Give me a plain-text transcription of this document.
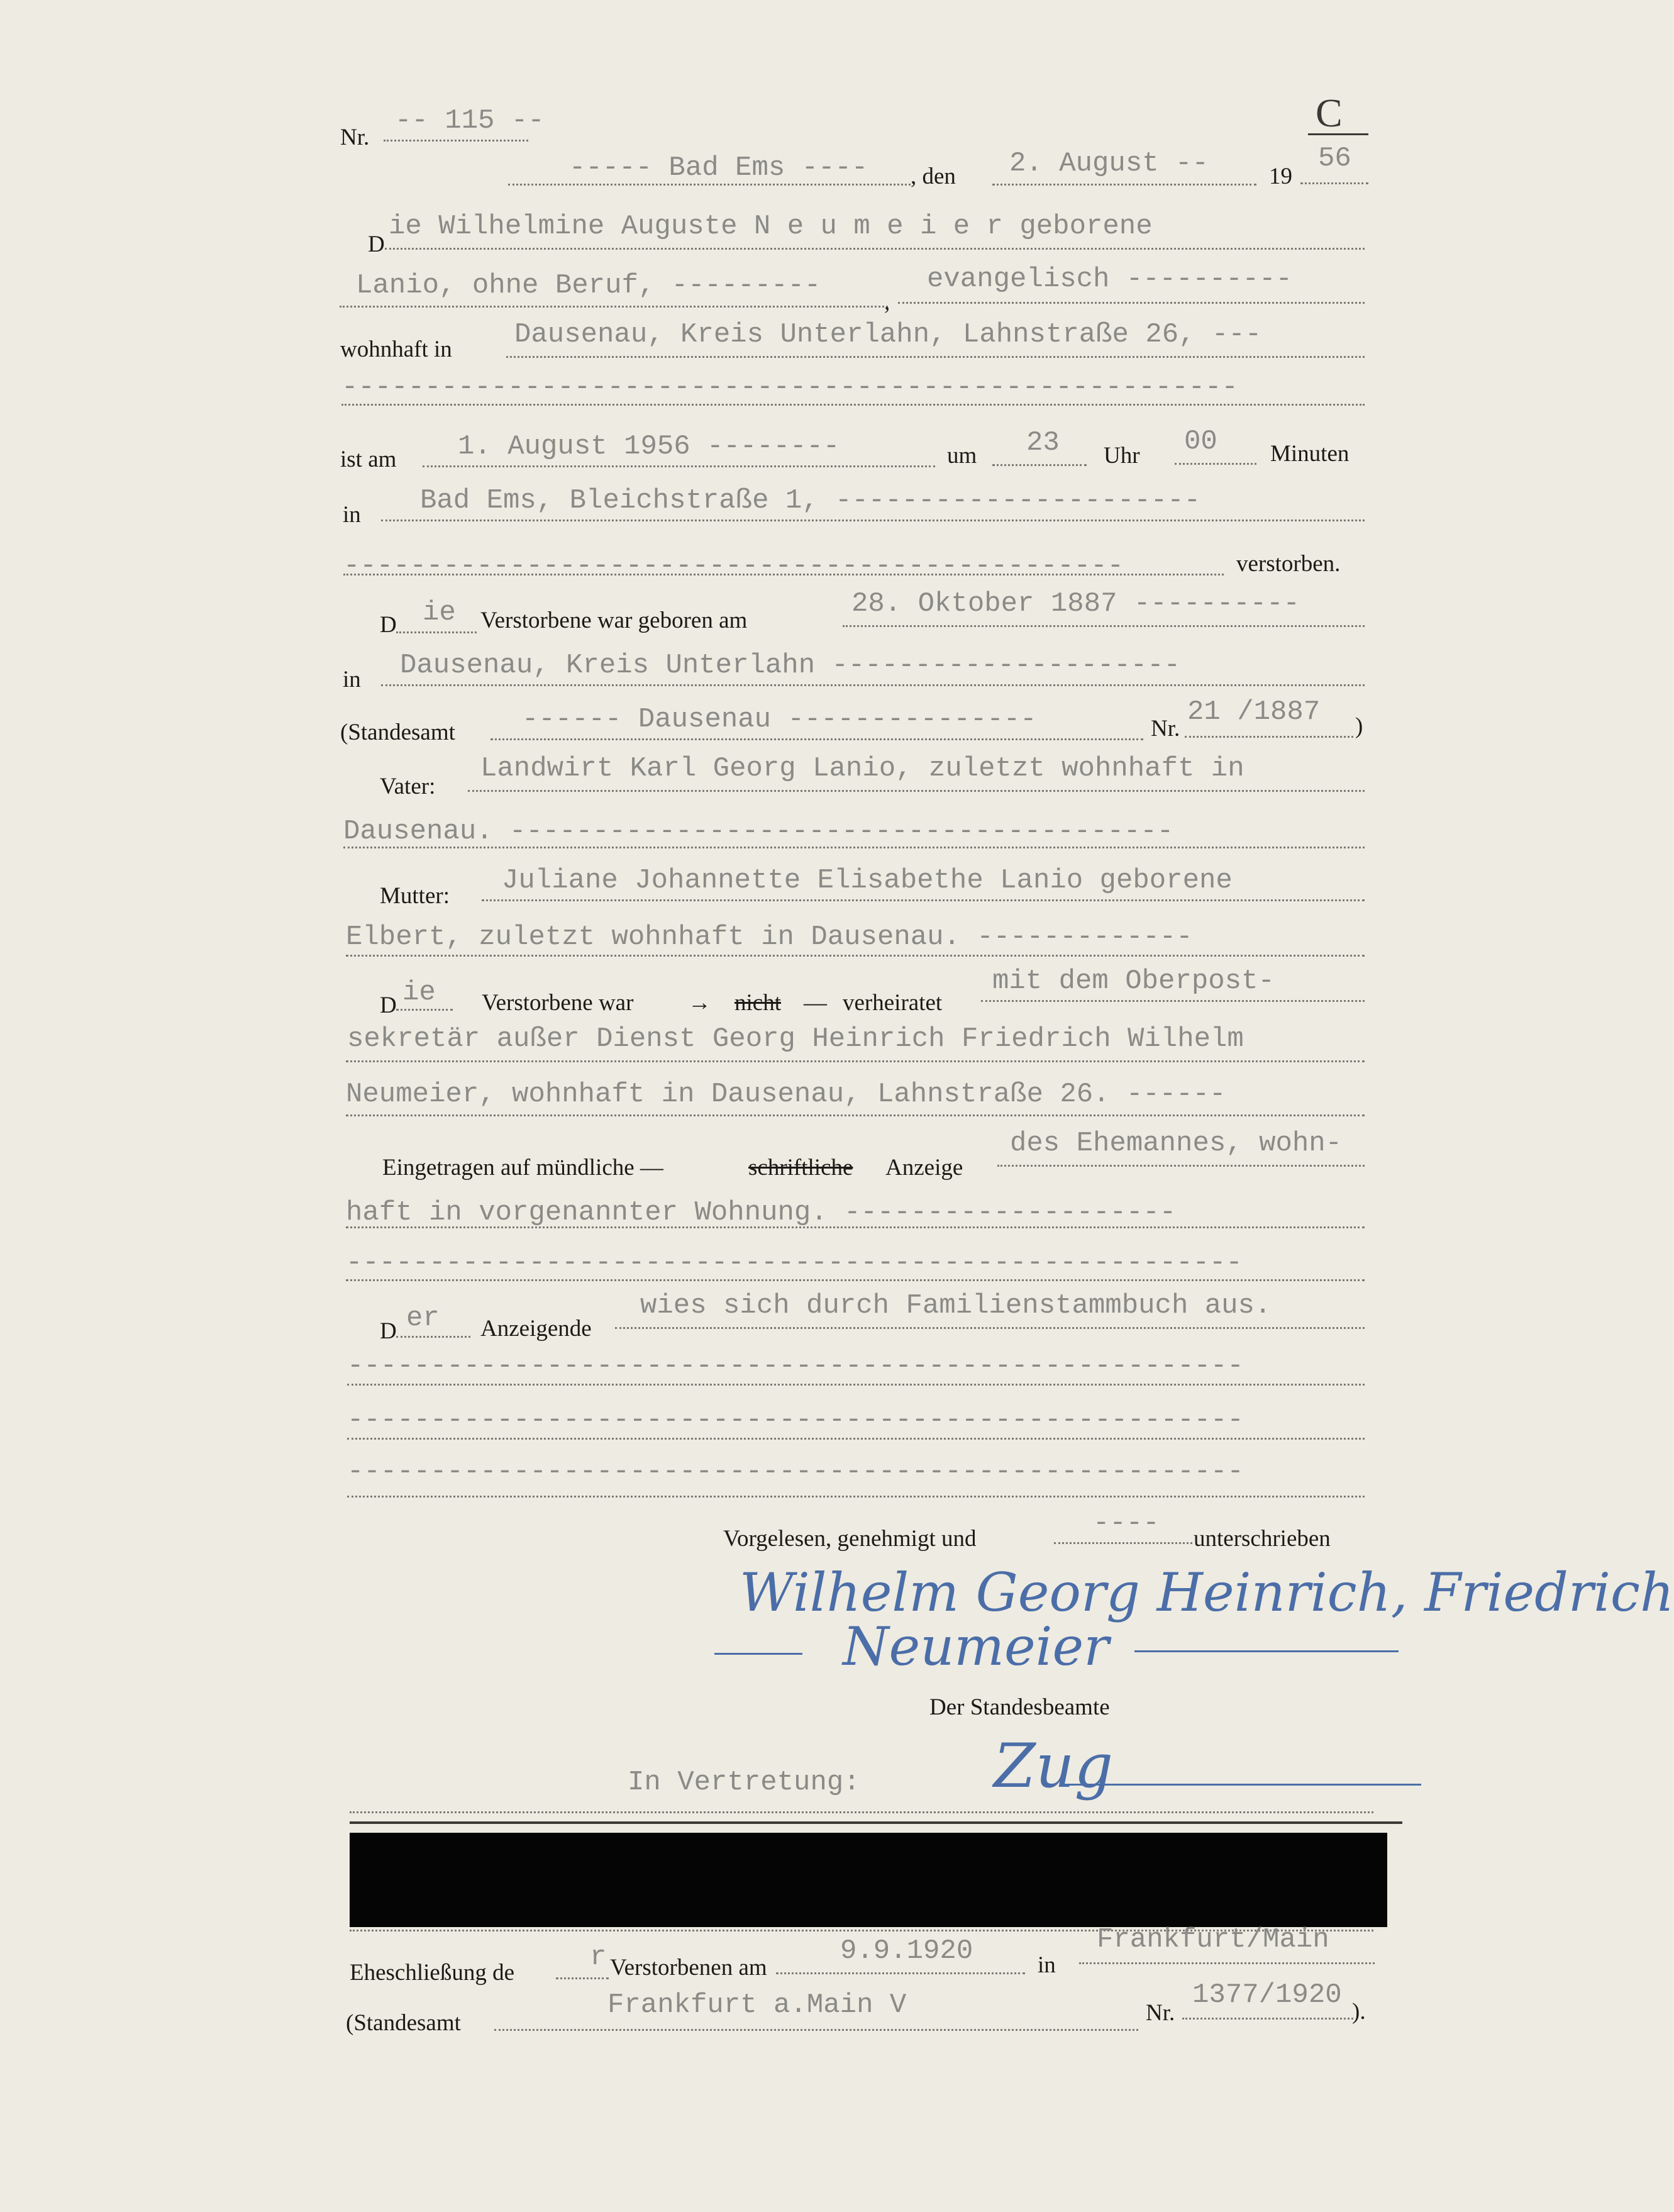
Nr.
-- 115 --	C
----- Bad Ems ---- , den 2. August --	19
56
D
ie Wilhelmine Auguste N e u m e i e r geborene
Lanio, ohne Beruf, ---------
,
evangelisch ----------
wohnhaft in Dausenau, Kreis Unterlahn, Lahnstraße 26, ---
------------------------------------------------------
ist am 1. August 1956 --------	um 23 Uhr 00 Minuten
in Bad Ems, Bleichstraße 1, ----------------------
-----------------------------------------------	verstorben.
D ie Verstorbene war geboren am
28. Oktober 1887 ----------
in Dausenau, Kreis Unterlahn ---------------------
(Standesamt ------ Dausenau ---------------	Nr.
21 /1887 )
Vater:
Landwirt Karl Georg Lanio, zuletzt wohnhaft in
Dausenau. ----------------------------------------
Mutter: Juliane Johannette Elisabethe Lanio geborene
Elbert, zuletzt wohnhaft in Dausenau. -------------
D ie Verstorbene war → nicht — verheiratet
mit dem Oberpost-
sekretär außer Dienst Georg Heinrich Friedrich Wilhelm
Neumeier, wohnhaft in Dausenau, Lahnstraße 26. ------
Eingetragen auf mündliche —	schriftliche Anzeige
des Ehemannes, wohn-
haft in vorgenannter Wohnung. --------------------
------------------------------------------------------
D er Anzeigende
wies sich durch Familienstammbuch aus.
------------------------------------------------------
------------------------------------------------------
------------------------------------------------------
Vorgelesen, genehmigt und	---- unterschrieben
Wilhelm Georg Heinrich, Friedrich
Neumeier
Der Standesbeamte
In Vertretung: Zug
Eheschließung de	r Verstorbenen am
9.9.1920	in
Frankfurt/Main
(Standesamt
Frankfurt a.Main V	Nr.
1377/1920
).
